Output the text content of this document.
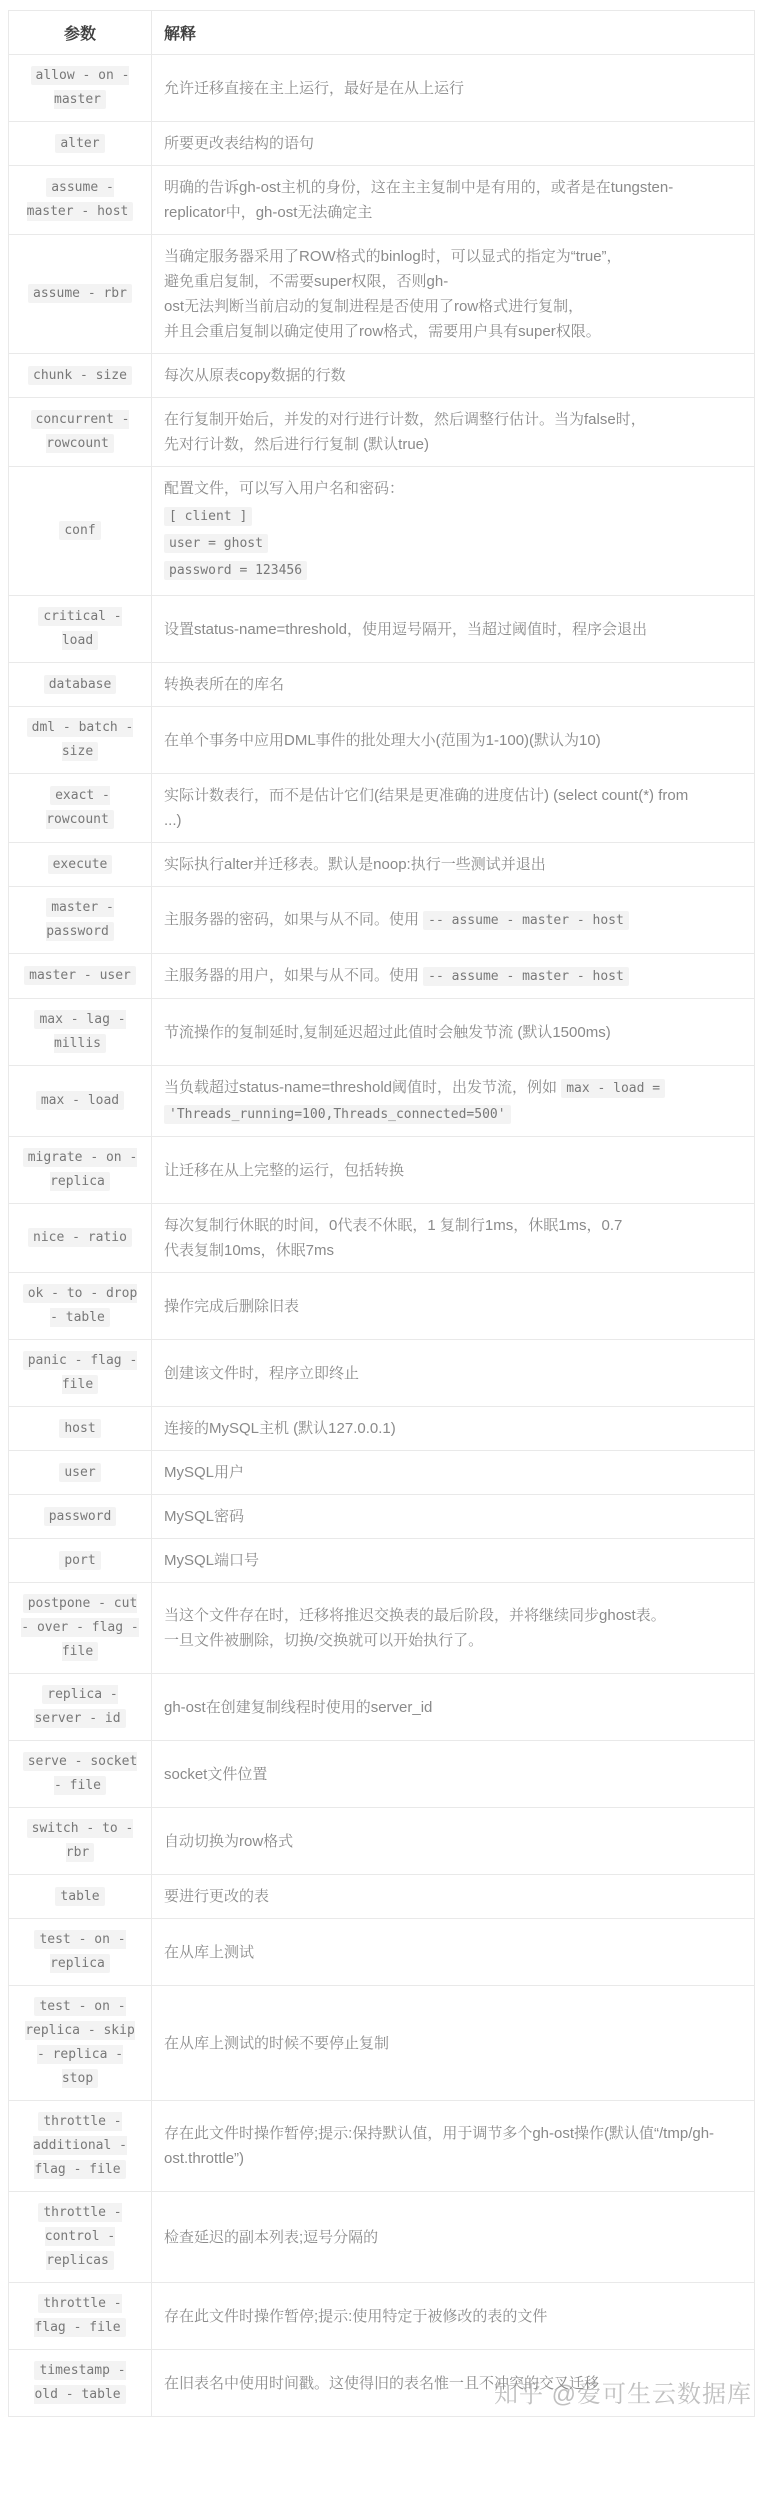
参数	解释
allow - on - master	允许迁移直接在主上运行，最好是在从上运行
alter	所要更改表结构的语句
assume - master - host	明确的告诉gh-ost主机的身份，这在主主复制中是有用的，或者是在tungsten-
replicator中，gh-ost无法确定主
assume - rbr	当确定服务器采用了ROW格式的binlog时，可以显式的指定为“true”，
避免重启复制，不需要super权限，否则gh-
ost无法判断当前启动的复制进程是否使用了row格式进行复制，
并且会重启复制以确定使用了row格式，需要用户具有super权限。
chunk - size	每次从原表copy数据的行数
concurrent - rowcount	在行复制开始后，并发的对行进行计数，然后调整行估计。当为false时，
先对行计数，然后进行行复制 (默认true)
conf	配置文件，可以写入用户名和密码：
[ client ]
user = ghost
password = 123456

critical - load	设置status-name=threshold，使用逗号隔开，当超过阈值时，程序会退出
database	转换表所在的库名
dml - batch - size	在单个事务中应用DML事件的批处理大小(范围为1-100)(默认为10)
exact - rowcount	实际计数表行，而不是估计它们(结果是更准确的进度估计) (select count(*) from
...)
execute	实际执行alter并迁移表。默认是noop:执行一些测试并退出
master - password	主服务器的密码，如果与从不同。使用 -- assume - master - host
master - user	主服务器的用户，如果与从不同。使用 -- assume - master - host
max - lag - millis	节流操作的复制延时,复制延迟超过此值时会触发节流 (默认1500ms)
max - load	当负载超过status-name=threshold阈值时，出发节流，例如 max - load =
'Threads_running=100,Threads_connected=500'
migrate - on - replica	让迁移在从上完整的运行，包括转换
nice - ratio	每次复制行休眠的时间，0代表不休眠，1 复制行1ms，休眠1ms，0.7
代表复制10ms，休眠7ms
ok - to - drop - table	操作完成后删除旧表
panic - flag - file	创建该文件时，程序立即终止
host	连接的MySQL主机 (默认127.0.0.1)
user	MySQL用户
password	MySQL密码
port	MySQL端口号
postpone - cut - over - flag - file	当这个文件存在时，迁移将推迟交换表的最后阶段，并将继续同步ghost表。
一旦文件被删除，切换/交换就可以开始执行了。
replica - server - id	gh-ost在创建复制线程时使用的server_id
serve - socket - file	socket文件位置
switch - to - rbr	自动切换为row格式
table	要进行更改的表
test - on - replica	在从库上测试
test - on - replica - skip - replica - stop	在从库上测试的时候不要停止复制
throttle - additional - flag - file	存在此文件时操作暂停;提示:保持默认值，用于调节多个gh-ost操作(默认值“/tmp/gh-
ost.throttle”)
throttle - control - replicas	检查延迟的副本列表;逗号分隔的
throttle - flag - file	存在此文件时操作暂停;提示:使用特定于被修改的表的文件
timestamp - old - table	在旧表名中使用时间戳。这使得旧的表名惟一且不冲突的交叉迁移
知乎 @爱可生云数据库
